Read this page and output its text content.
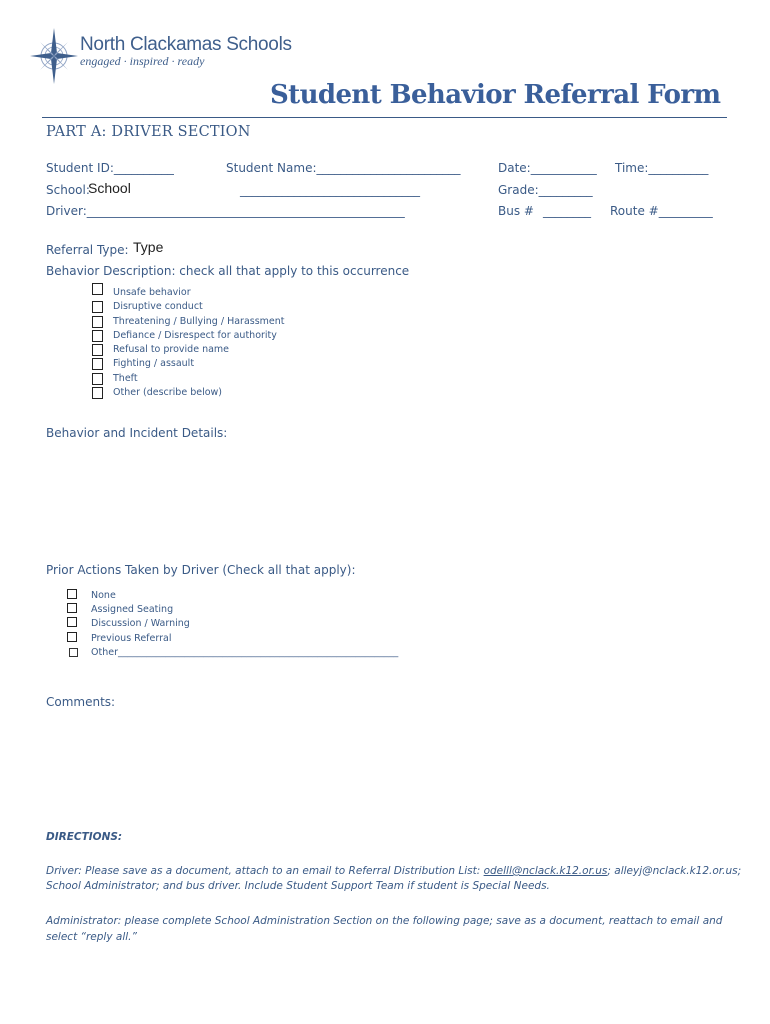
North Clackamas Schools
engaged · inspired · ready
Student Behavior Referral Form
PART A: DRIVER SECTION
Student ID:__________	Student Name:________________________	Date:___________ Time:__________
School:
School	______________________________	Grade:_________
Driver:_____________________________________________________	Bus # ________ Route #_________
Referral Type: Type
Behavior Description: check all that apply to this occurrence
Unsafe behavior
Disruptive conduct
Threatening / Bullying / Harassment
Defiance / Disrespect for authority
Refusal to provide name
Fighting / assault
Theft
Other (describe below)
Behavior and Incident Details:
Prior Actions Taken by Driver (Check all that apply):
None
Assigned Seating
Discussion / Warning
Previous Referral
Other___________________________________________________________
Comments:
DIRECTIONS:
Driver: Please save as a document, attach to an email to Referral Distribution List: odelll@nclack.k12.or.us; alleyj@nclack.k12.or.us;
School Administrator; and bus driver. Include Student Support Team if student is Special Needs.
Administrator: please complete School Administration Section on the following page; save as a document, reattach to email and
select “reply all.”
